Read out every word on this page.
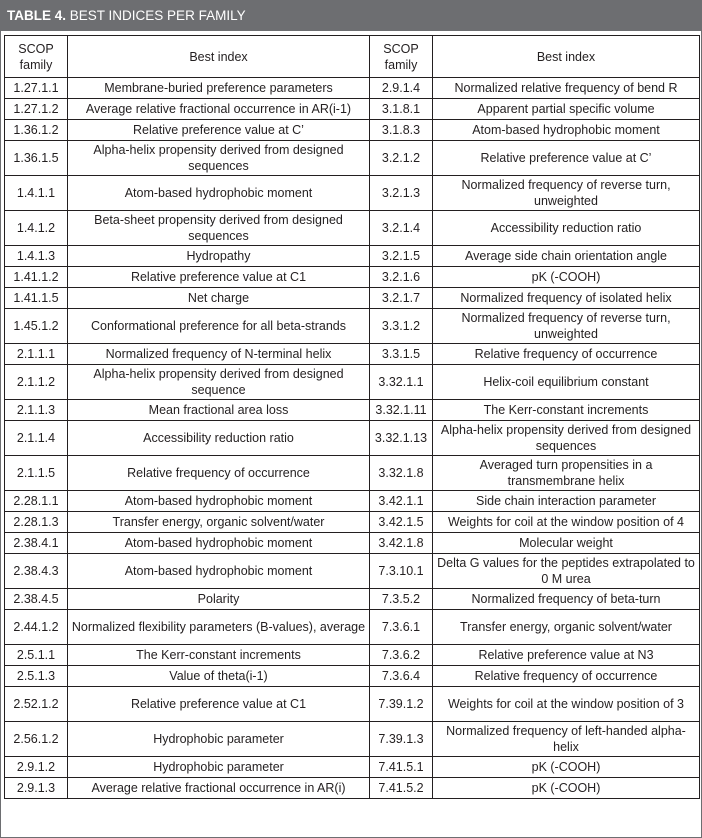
TABLE 4. BEST INDICES PER FAMILY
SCOP family	Best index	SCOP family	Best index
1.27.1.1	Membrane-buried preference parameters	2.9.1.4	Normalized relative frequency of bend R
1.27.1.2	Average relative fractional occurrence in AR(i-1)	3.1.8.1	Apparent partial specific volume
1.36.1.2	Relative preference value at C’	3.1.8.3	Atom-based hydrophobic moment
1.36.1.5	Alpha-helix propensity derived from designed sequences	3.2.1.2	Relative preference value at C’
1.4.1.1	Atom-based hydrophobic moment	3.2.1.3	Normalized frequency of reverse turn, unweighted
1.4.1.2	Beta-sheet propensity derived from designed sequences	3.2.1.4	Accessibility reduction ratio
1.4.1.3	Hydropathy	3.2.1.5	Average side chain orientation angle
1.41.1.2	Relative preference value at C1	3.2.1.6	pK (-COOH)
1.41.1.5	Net charge	3.2.1.7	Normalized frequency of isolated helix
1.45.1.2	Conformational preference for all beta-strands	3.3.1.2	Normalized frequency of reverse turn, unweighted
2.1.1.1	Normalized frequency of N-terminal helix	3.3.1.5	Relative frequency of occurrence
2.1.1.2	Alpha-helix propensity derived from designed sequence	3.32.1.1	Helix-coil equilibrium constant
2.1.1.3	Mean fractional area loss	3.32.1.11	The Kerr-constant increments
2.1.1.4	Accessibility reduction ratio	3.32.1.13	Alpha-helix propensity derived from designed sequences
2.1.1.5	Relative frequency of occurrence	3.32.1.8	Averaged turn propensities in a transmembrane helix
2.28.1.1	Atom-based hydrophobic moment	3.42.1.1	Side chain interaction parameter
2.28.1.3	Transfer energy, organic solvent/water	3.42.1.5	Weights for coil at the window position of 4
2.38.4.1	Atom-based hydrophobic moment	3.42.1.8	Molecular weight
2.38.4.3	Atom-based hydrophobic moment	7.3.10.1	Delta G values for the peptides extrapolated to 0 M urea
2.38.4.5	Polarity	7.3.5.2	Normalized frequency of beta-turn
2.44.1.2	Normalized flexibility parameters (B-values), average	7.3.6.1	Transfer energy, organic solvent/water
2.5.1.1	The Kerr-constant increments	7.3.6.2	Relative preference value at N3
2.5.1.3	Value of theta(i-1)	7.3.6.4	Relative frequency of occurrence
2.52.1.2	Relative preference value at C1	7.39.1.2	Weights for coil at the window position of 3
2.56.1.2	Hydrophobic parameter	7.39.1.3	Normalized frequency of left-handed alpha-helix
2.9.1.2	Hydrophobic parameter	7.41.5.1	pK (-COOH)
2.9.1.3	Average relative fractional occurrence in AR(i)	7.41.5.2	pK (-COOH)
